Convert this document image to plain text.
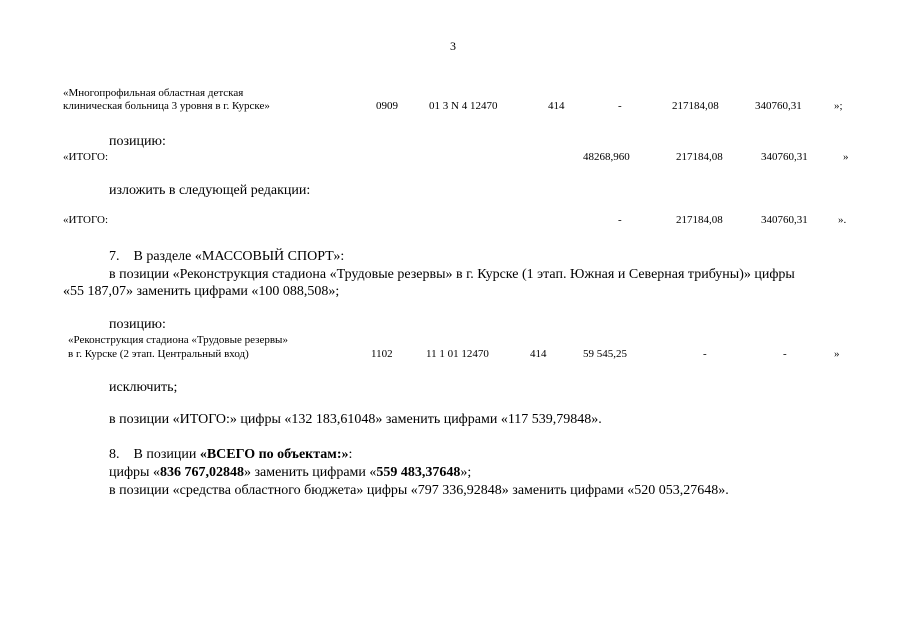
3
«Многопрофильная областная детская
клиническая больница 3 уровня в г. Курске»	0909	01 3 N 4 12470	414	-	217184,08	340760,31	»;
позицию:
«ИТОГО:	48268,960	217184,08	340760,31	»
изложить в следующей редакции:
«ИТОГО:	-	217184,08	340760,31	».
7. В разделе «МАССОВЫЙ СПОРТ»:
в позиции «Реконструкция стадиона «Трудовые резервы» в г. Курске (1 этап. Южная и Северная трибуны)» цифры
«55 187,07» заменить цифрами «100 088,508»;
позицию:
«Реконструкция стадиона «Трудовые резервы»
в г. Курске (2 этап. Центральный вход)	1102	11 1 01 12470	414	59 545,25	-	-	»
исключить;
в позиции «ИТОГО:» цифры «132 183,61048» заменить цифрами «117 539,79848».
8. В позиции «ВСЕГО по объектам:»:
цифры «836 767,02848» заменить цифрами «559 483,37648»;
в позиции «средства областного бюджета» цифры «797 336,92848» заменить цифрами «520 053,27648».
